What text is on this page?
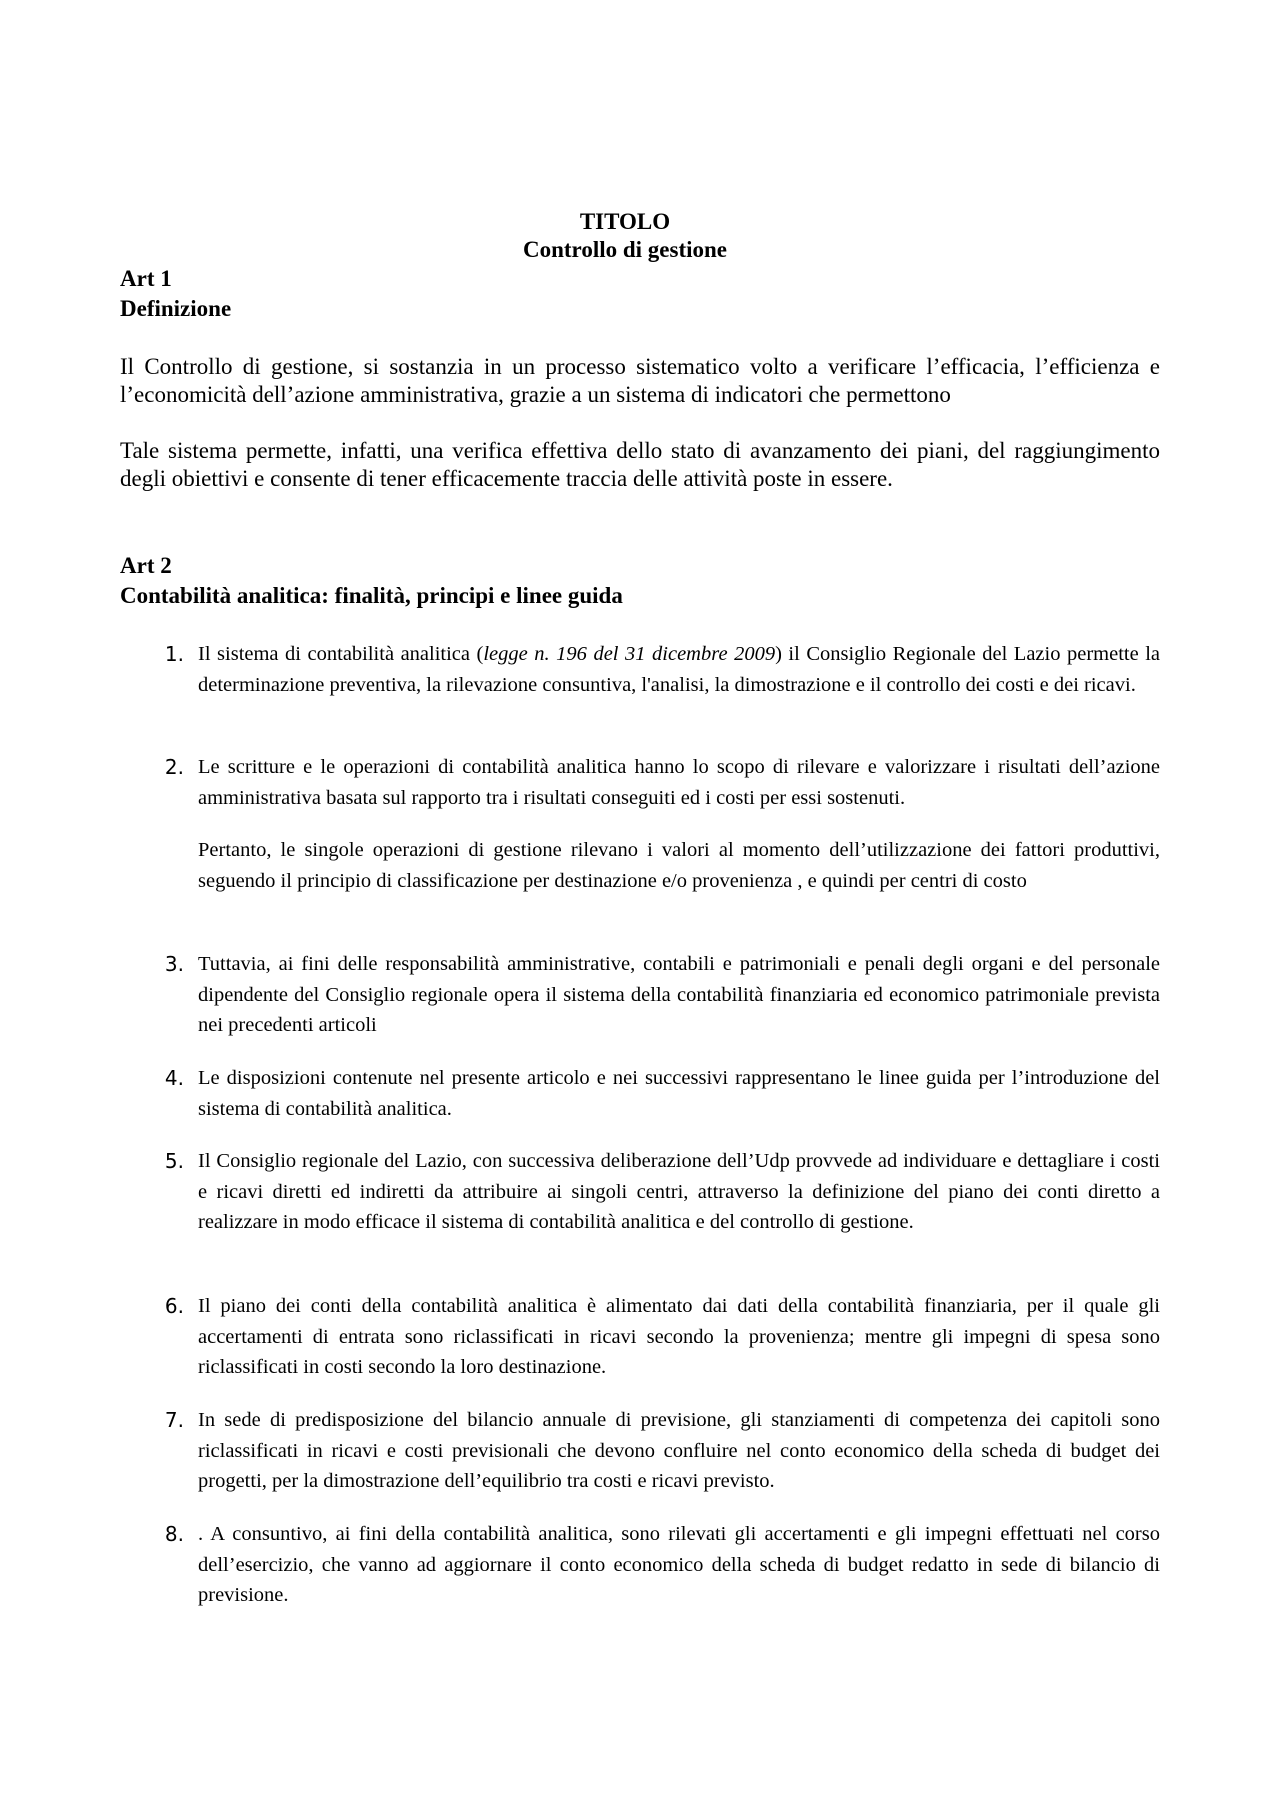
TITOLO
Controllo di gestione
Art 1
Definizione
Il Controllo di gestione, si sostanzia in un processo sistematico volto a verificare l’efficacia, l’efficienza e l’economicità dell’azione amministrativa, grazie a un sistema di indicatori che permettono
Tale sistema permette, infatti, una verifica effettiva dello stato di avanzamento dei piani, del raggiungimento degli obiettivi e consente di tener efficacemente traccia delle attività poste in essere.
Art 2
Contabilità analitica: finalità, principi e linee guida
1. Il sistema di contabilità analitica (legge n. 196 del 31 dicembre 2009) il Consiglio Regionale del Lazio permette la determinazione preventiva, la rilevazione consuntiva, l'analisi, la dimostrazione e il controllo dei costi e dei ricavi.
2. Le scritture e le operazioni di contabilità analitica hanno lo scopo di rilevare e valorizzare i risultati dell’azione amministrativa basata sul rapporto tra i risultati conseguiti ed i costi per essi sostenuti.
Pertanto, le singole operazioni di gestione rilevano i valori al momento dell’utilizzazione dei fattori produttivi, seguendo il principio di classificazione per destinazione e/o provenienza , e quindi per centri di costo
3. Tuttavia, ai fini delle responsabilità amministrative, contabili e patrimoniali e penali degli organi e del personale dipendente del Consiglio regionale opera il sistema della contabilità finanziaria ed economico patrimoniale prevista nei precedenti articoli
4. Le disposizioni contenute nel presente articolo e nei successivi rappresentano le linee guida per l’introduzione del sistema di contabilità analitica.
5. Il Consiglio regionale del Lazio, con successiva deliberazione dell’Udp provvede ad individuare e dettagliare i costi e ricavi diretti ed indiretti da attribuire ai singoli centri, attraverso la definizione del piano dei conti diretto a realizzare in modo efficace il sistema di contabilità analitica e del controllo di gestione.
6. Il piano dei conti della contabilità analitica è alimentato dai dati della contabilità finanziaria, per il quale gli accertamenti di entrata sono riclassificati in ricavi secondo la provenienza; mentre gli impegni di spesa sono riclassificati in costi secondo la loro destinazione.
7. In sede di predisposizione del bilancio annuale di previsione, gli stanziamenti di competenza dei capitoli sono riclassificati in ricavi e costi previsionali che devono confluire nel conto economico della scheda di budget dei progetti, per la dimostrazione dell’equilibrio tra costi e ricavi previsto.
8. . A consuntivo, ai fini della contabilità analitica, sono rilevati gli accertamenti e gli impegni effettuati nel corso dell’esercizio, che vanno ad aggiornare il conto economico della scheda di budget redatto in sede di bilancio di previsione.
